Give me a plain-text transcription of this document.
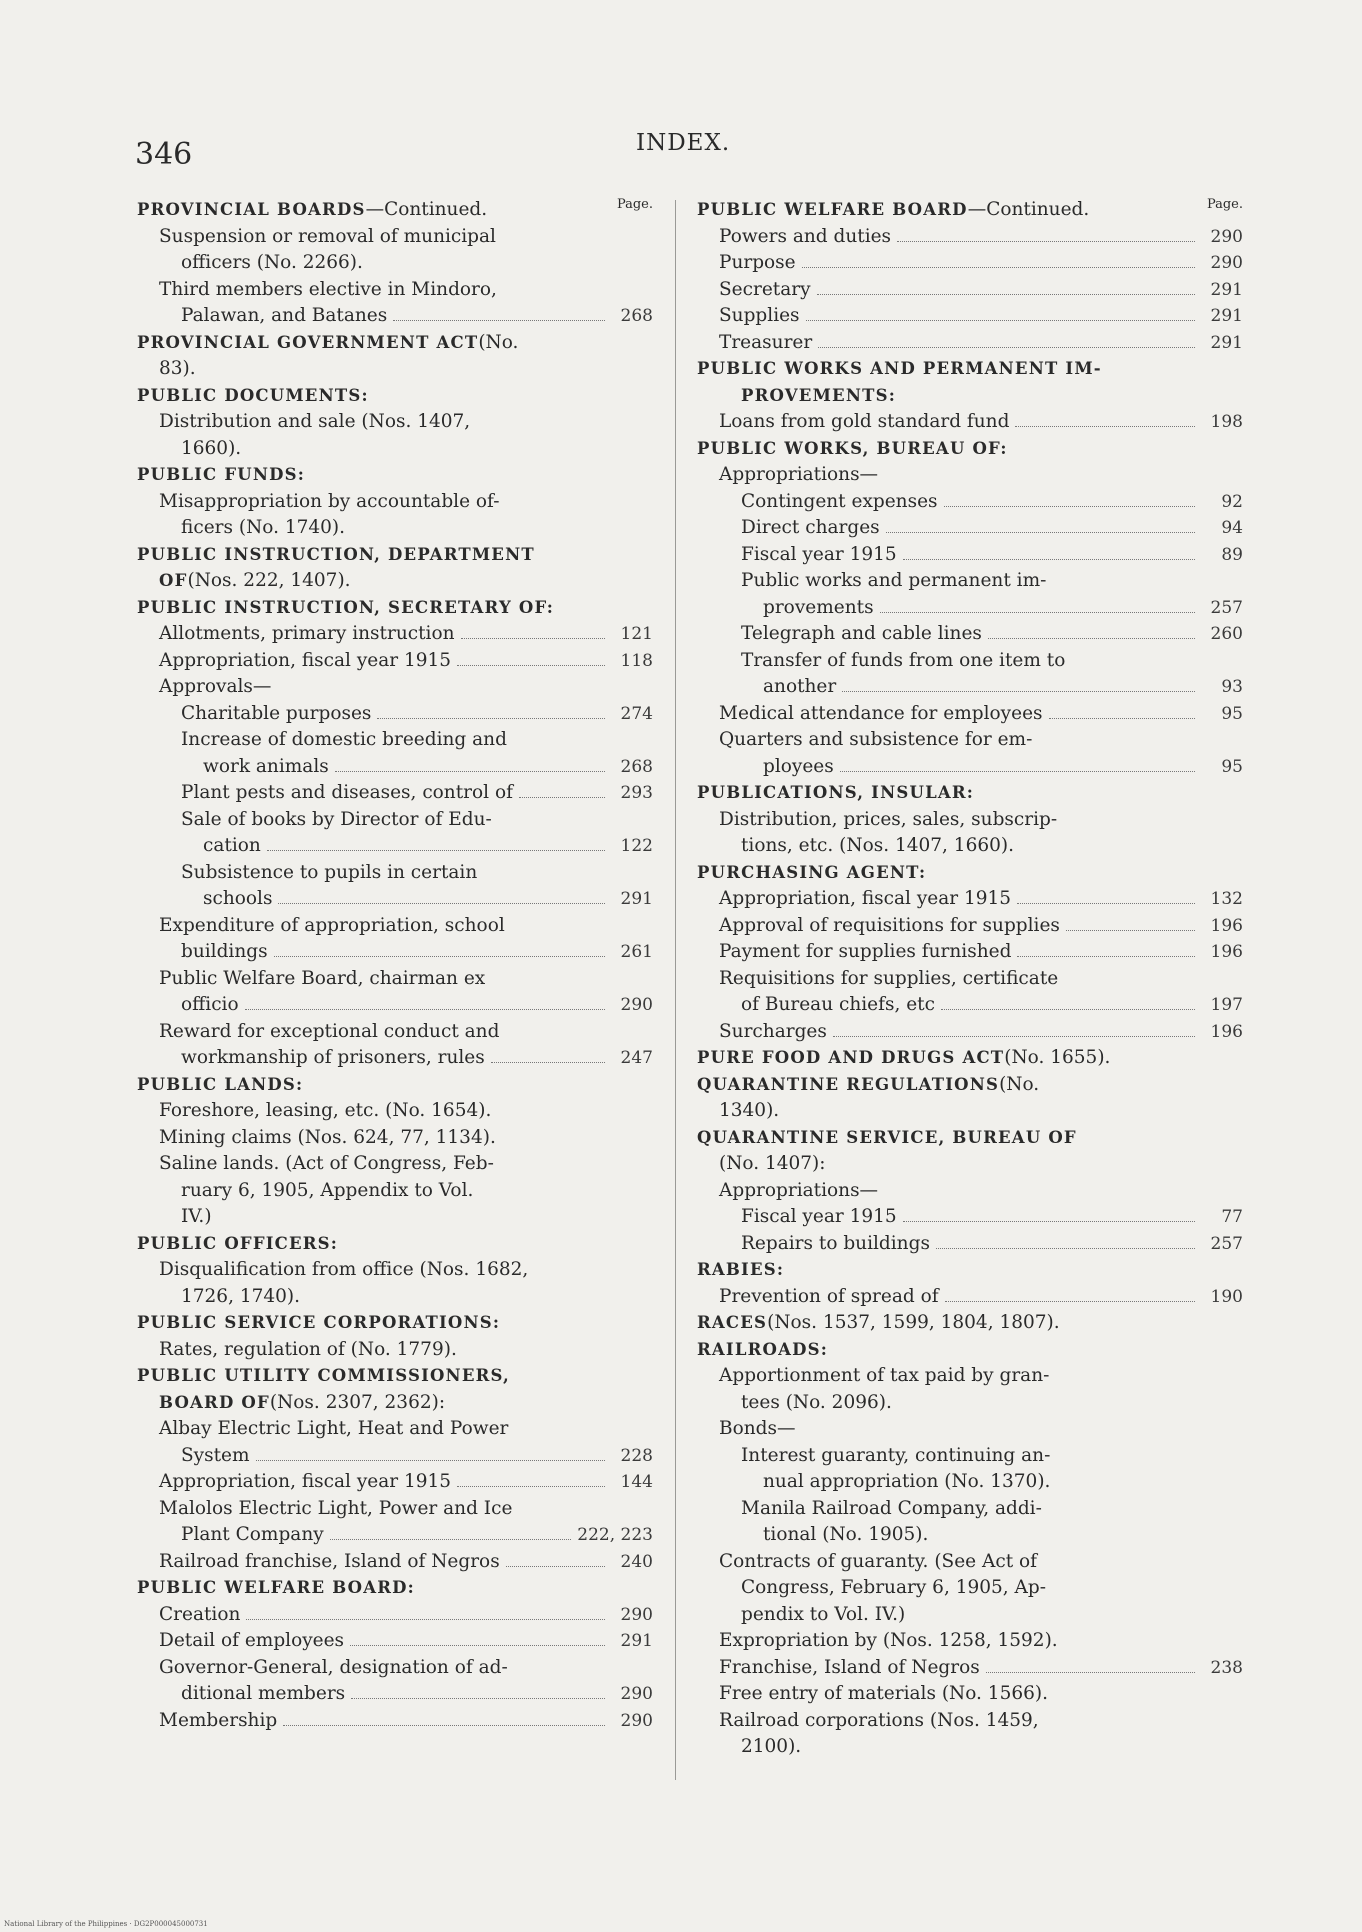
346	INDEX.
Page.
PROVINCIAL BOARDS —Continued.
Suspension or removal of municipal
officers (No. 2266).
Third members elective in Mindoro,
Palawan, and Batanes	268
PROVINCIAL GOVERNMENT ACT (No.
83).
PUBLIC DOCUMENTS:
Distribution and sale (Nos. 1407,
1660).
PUBLIC FUNDS:
Misappropriation by accountable of-
ficers (No. 1740).
PUBLIC INSTRUCTION, DEPARTMENT
OF (Nos. 222, 1407).
PUBLIC INSTRUCTION, SECRETARY OF:
Allotments, primary instruction	121
Appropriation, fiscal year 1915	118
Approvals—
Charitable purposes	274
Increase of domestic breeding and
work animals	268
Plant pests and diseases, control of	293
Sale of books by Director of Edu-
cation	122
Subsistence to pupils in certain
schools	291
Expenditure of appropriation, school
buildings	261
Public Welfare Board, chairman ex
officio	290
Reward for exceptional conduct and
workmanship of prisoners, rules	247
PUBLIC LANDS:
Foreshore, leasing, etc. (No. 1654).
Mining claims (Nos. 624, 77, 1134).
Saline lands. (Act of Congress, Feb-
ruary 6, 1905, Appendix to Vol.
IV.)
PUBLIC OFFICERS:
Disqualification from office (Nos. 1682,
1726, 1740).
PUBLIC SERVICE CORPORATIONS:
Rates, regulation of (No. 1779).
PUBLIC UTILITY COMMISSIONERS,
BOARD OF (Nos. 2307, 2362):
Albay Electric Light, Heat and Power
System	228
Appropriation, fiscal year 1915	144
Malolos Electric Light, Power and Ice
Plant Company	222, 223
Railroad franchise, Island of Negros	240
PUBLIC WELFARE BOARD:
Creation	290
Detail of employees	291
Governor-General, designation of ad-
ditional members	290
Membership	290
Page.
PUBLIC WELFARE BOARD —Continued.
Powers and duties	290
Purpose	290
Secretary	291
Supplies	291
Treasurer	291
PUBLIC WORKS AND PERMANENT IM-
PROVEMENTS:
Loans from gold standard fund	198
PUBLIC WORKS, BUREAU OF:
Appropriations—
Contingent expenses	92
Direct charges	94
Fiscal year 1915	89
Public works and permanent im-
provements	257
Telegraph and cable lines	260
Transfer of funds from one item to
another	93
Medical attendance for employees	95
Quarters and subsistence for em-
ployees	95
PUBLICATIONS, INSULAR:
Distribution, prices, sales, subscrip-
tions, etc. (Nos. 1407, 1660).
PURCHASING AGENT:
Appropriation, fiscal year 1915	132
Approval of requisitions for supplies	196
Payment for supplies furnished	196
Requisitions for supplies, certificate
of Bureau chiefs, etc	197
Surcharges	196
PURE FOOD AND DRUGS ACT (No. 1655).
QUARANTINE REGULATIONS (No.
1340).
QUARANTINE SERVICE, BUREAU OF
(No. 1407):
Appropriations—
Fiscal year 1915	77
Repairs to buildings	257
RABIES:
Prevention of spread of	190
RACES (Nos. 1537, 1599, 1804, 1807).
RAILROADS:
Apportionment of tax paid by gran-
tees (No. 2096).
Bonds—
Interest guaranty, continuing an-
nual appropriation (No. 1370).
Manila Railroad Company, addi-
tional (No. 1905).
Contracts of guaranty. (See Act of
Congress, February 6, 1905, Ap-
pendix to Vol. IV.)
Expropriation by (Nos. 1258, 1592).
Franchise, Island of Negros	238
Free entry of materials (No. 1566).
Railroad corporations (Nos. 1459,
2100).
National Library of the Philippines · DG2P000045000731
